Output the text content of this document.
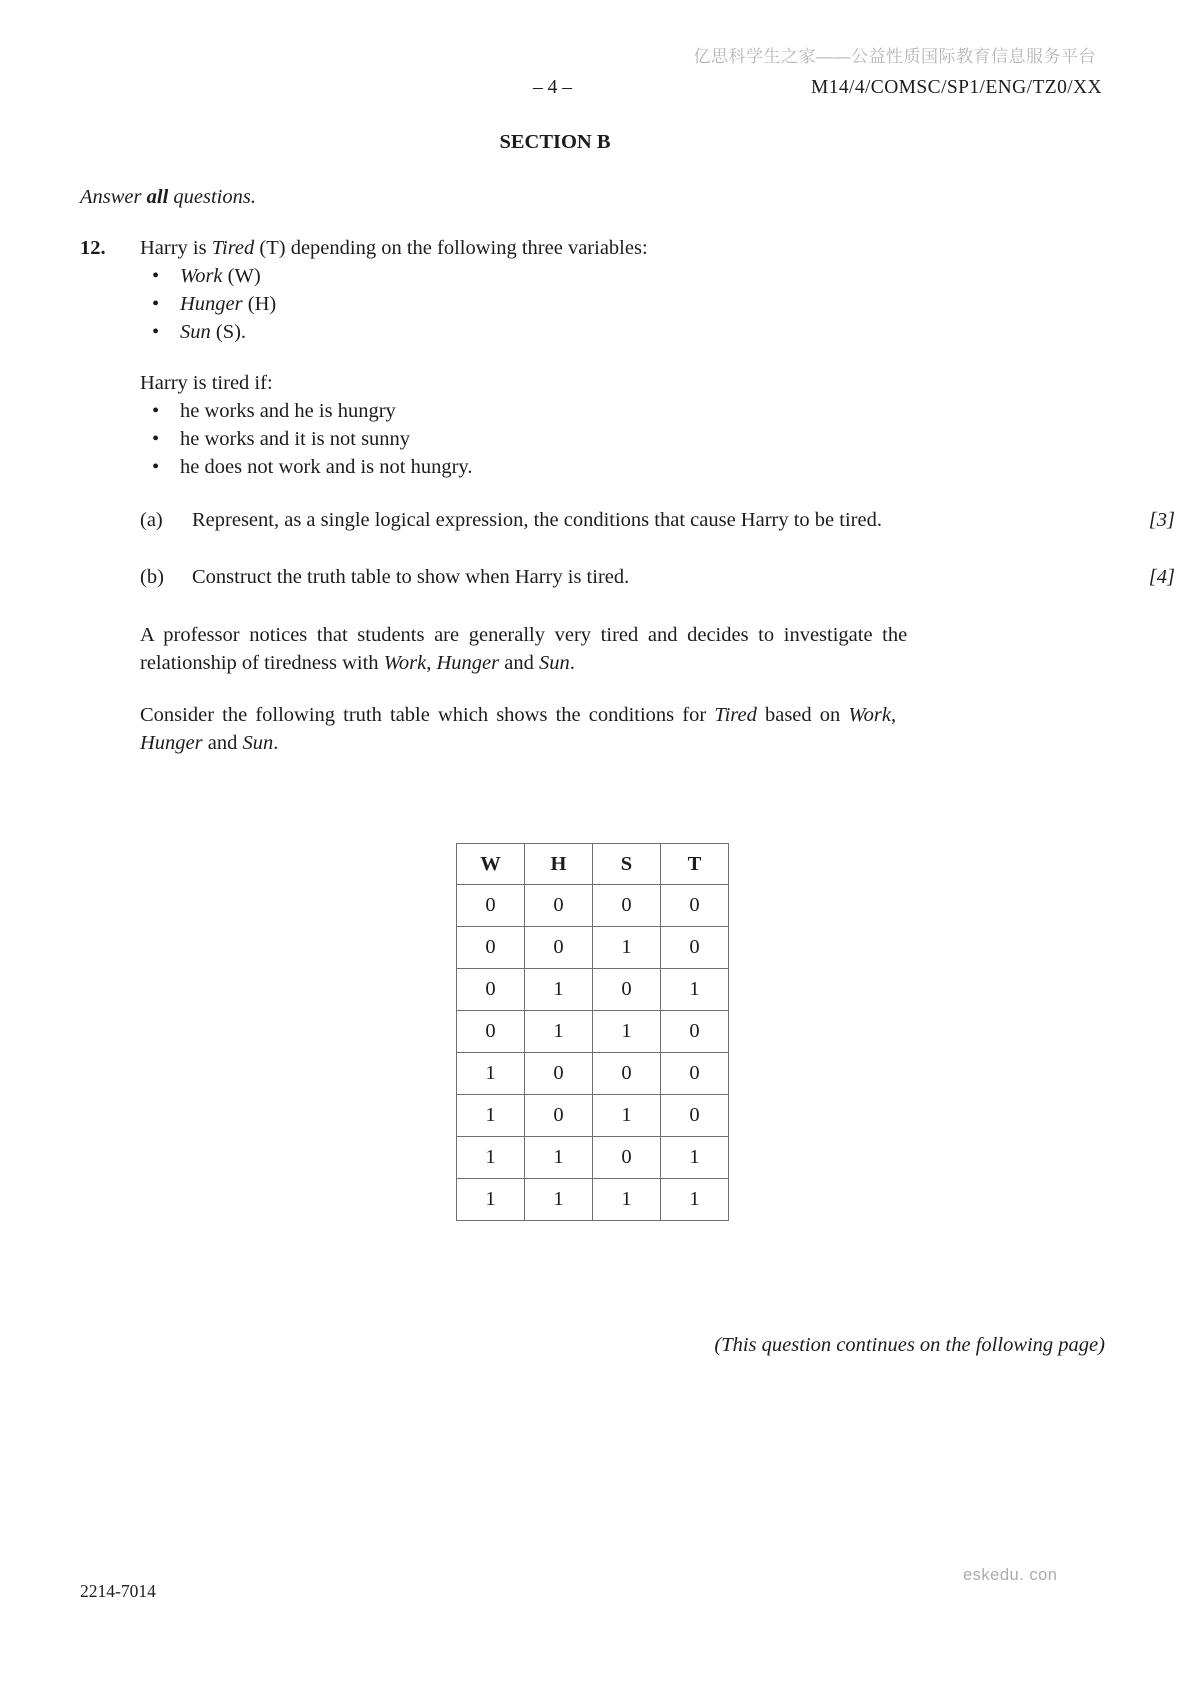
亿思科学生之家——公益性质国际教育信息服务平台
– 4 –	M14/4/COMSC/SP1/ENG/TZ0/XX
SECTION B
Answer all questions.
12. Harry is Tired (T) depending on the following three variables:
• Work (W)
• Hunger (H)
• Sun (S).
Harry is tired if:
• he works and he is hungry
• he works and it is not sunny
• he does not work and is not hungry.
(a) Represent, as a single logical expression, the conditions that cause Harry to be tired.	[3]
(b) Construct the truth table to show when Harry is tired.	[4]
A professor notices that students are generally very tired and decides to investigate the
relationship of tiredness with Work, Hunger and Sun.
Consider the following truth table which shows the conditions for Tired based on Work,
Hunger and Sun.
W	H	S	T
0	0	0	0
0	0	1	0
0	1	0	1
0	1	1	0
1	0	0	0
1	0	1	0
1	1	0	1
1	1	1	1
(This question continues on the following page)
2214-7014
eskedu. con
